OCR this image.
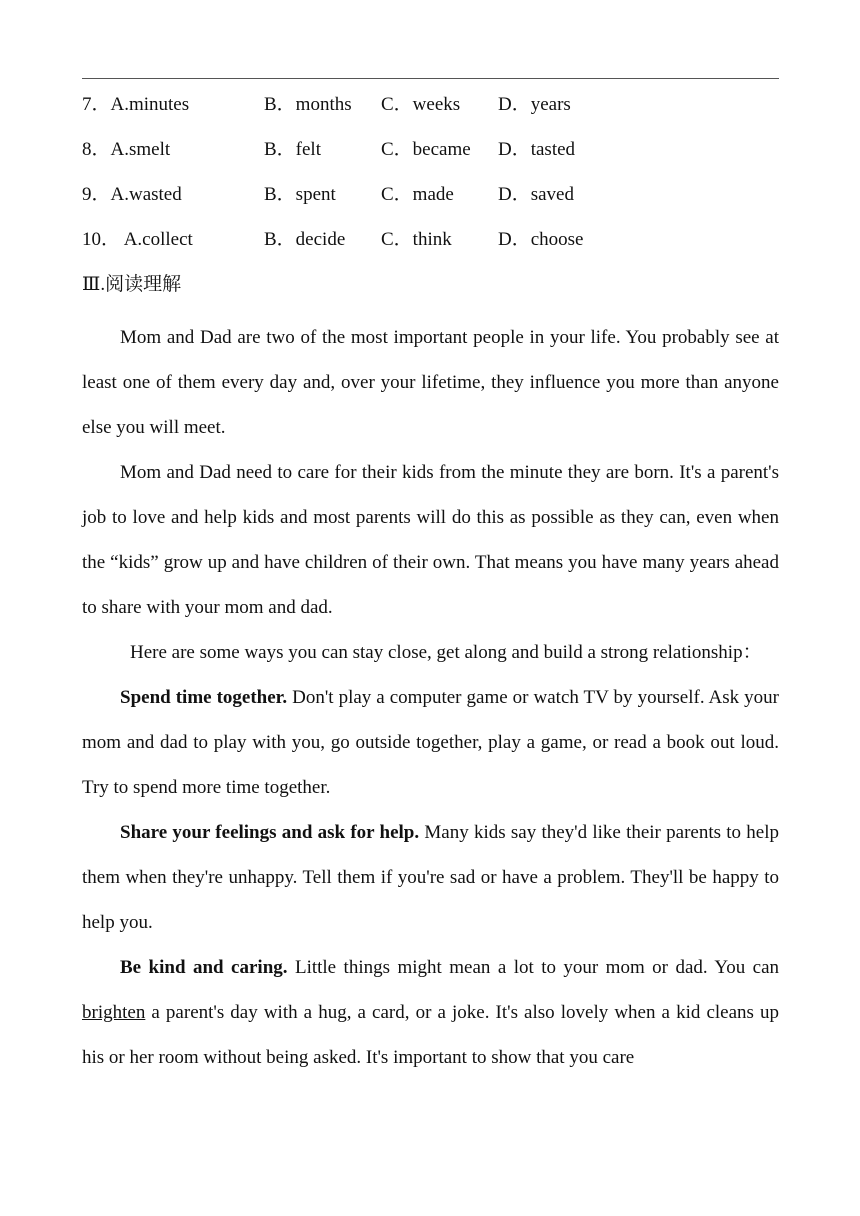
7．A.minutes	B．months C．weeks D．years
8．A.smelt	B．felt	C．became D．tasted
9．A.wasted	B．spent C．made D．saved
10． A.collect	B．decide C．think D．choose
Ⅲ.阅读理解

Mom and Dad are two of the most important people in your life. You probably see at least one of them every day and, over your lifetime, they influence you more than anyone else you will meet.

Mom and Dad need to care for their kids from the minute they are born. It's a parent's job to love and help kids and most parents will do this as possible as they can, even when the “kids” grow up and have children of their own. That means you have many years ahead to share with your mom and dad.

Here are some ways you can stay close, get along and build a strong relationship：

Spend time together. Don't play a computer game or watch TV by yourself. Ask your mom and dad to play with you, go outside together, play a game, or read a book out loud. Try to spend more time together.

Share your feelings and ask for help. Many kids say they'd like their parents to help them when they're unhappy. Tell them if you're sad or have a problem. They'll be happy to help you.

Be kind and caring. Little things might mean a lot to your mom or dad. You can brighten a parent's day with a hug, a card, or a joke. It's also lovely when a kid cleans up his or her room without being asked. It's important to show that you care
